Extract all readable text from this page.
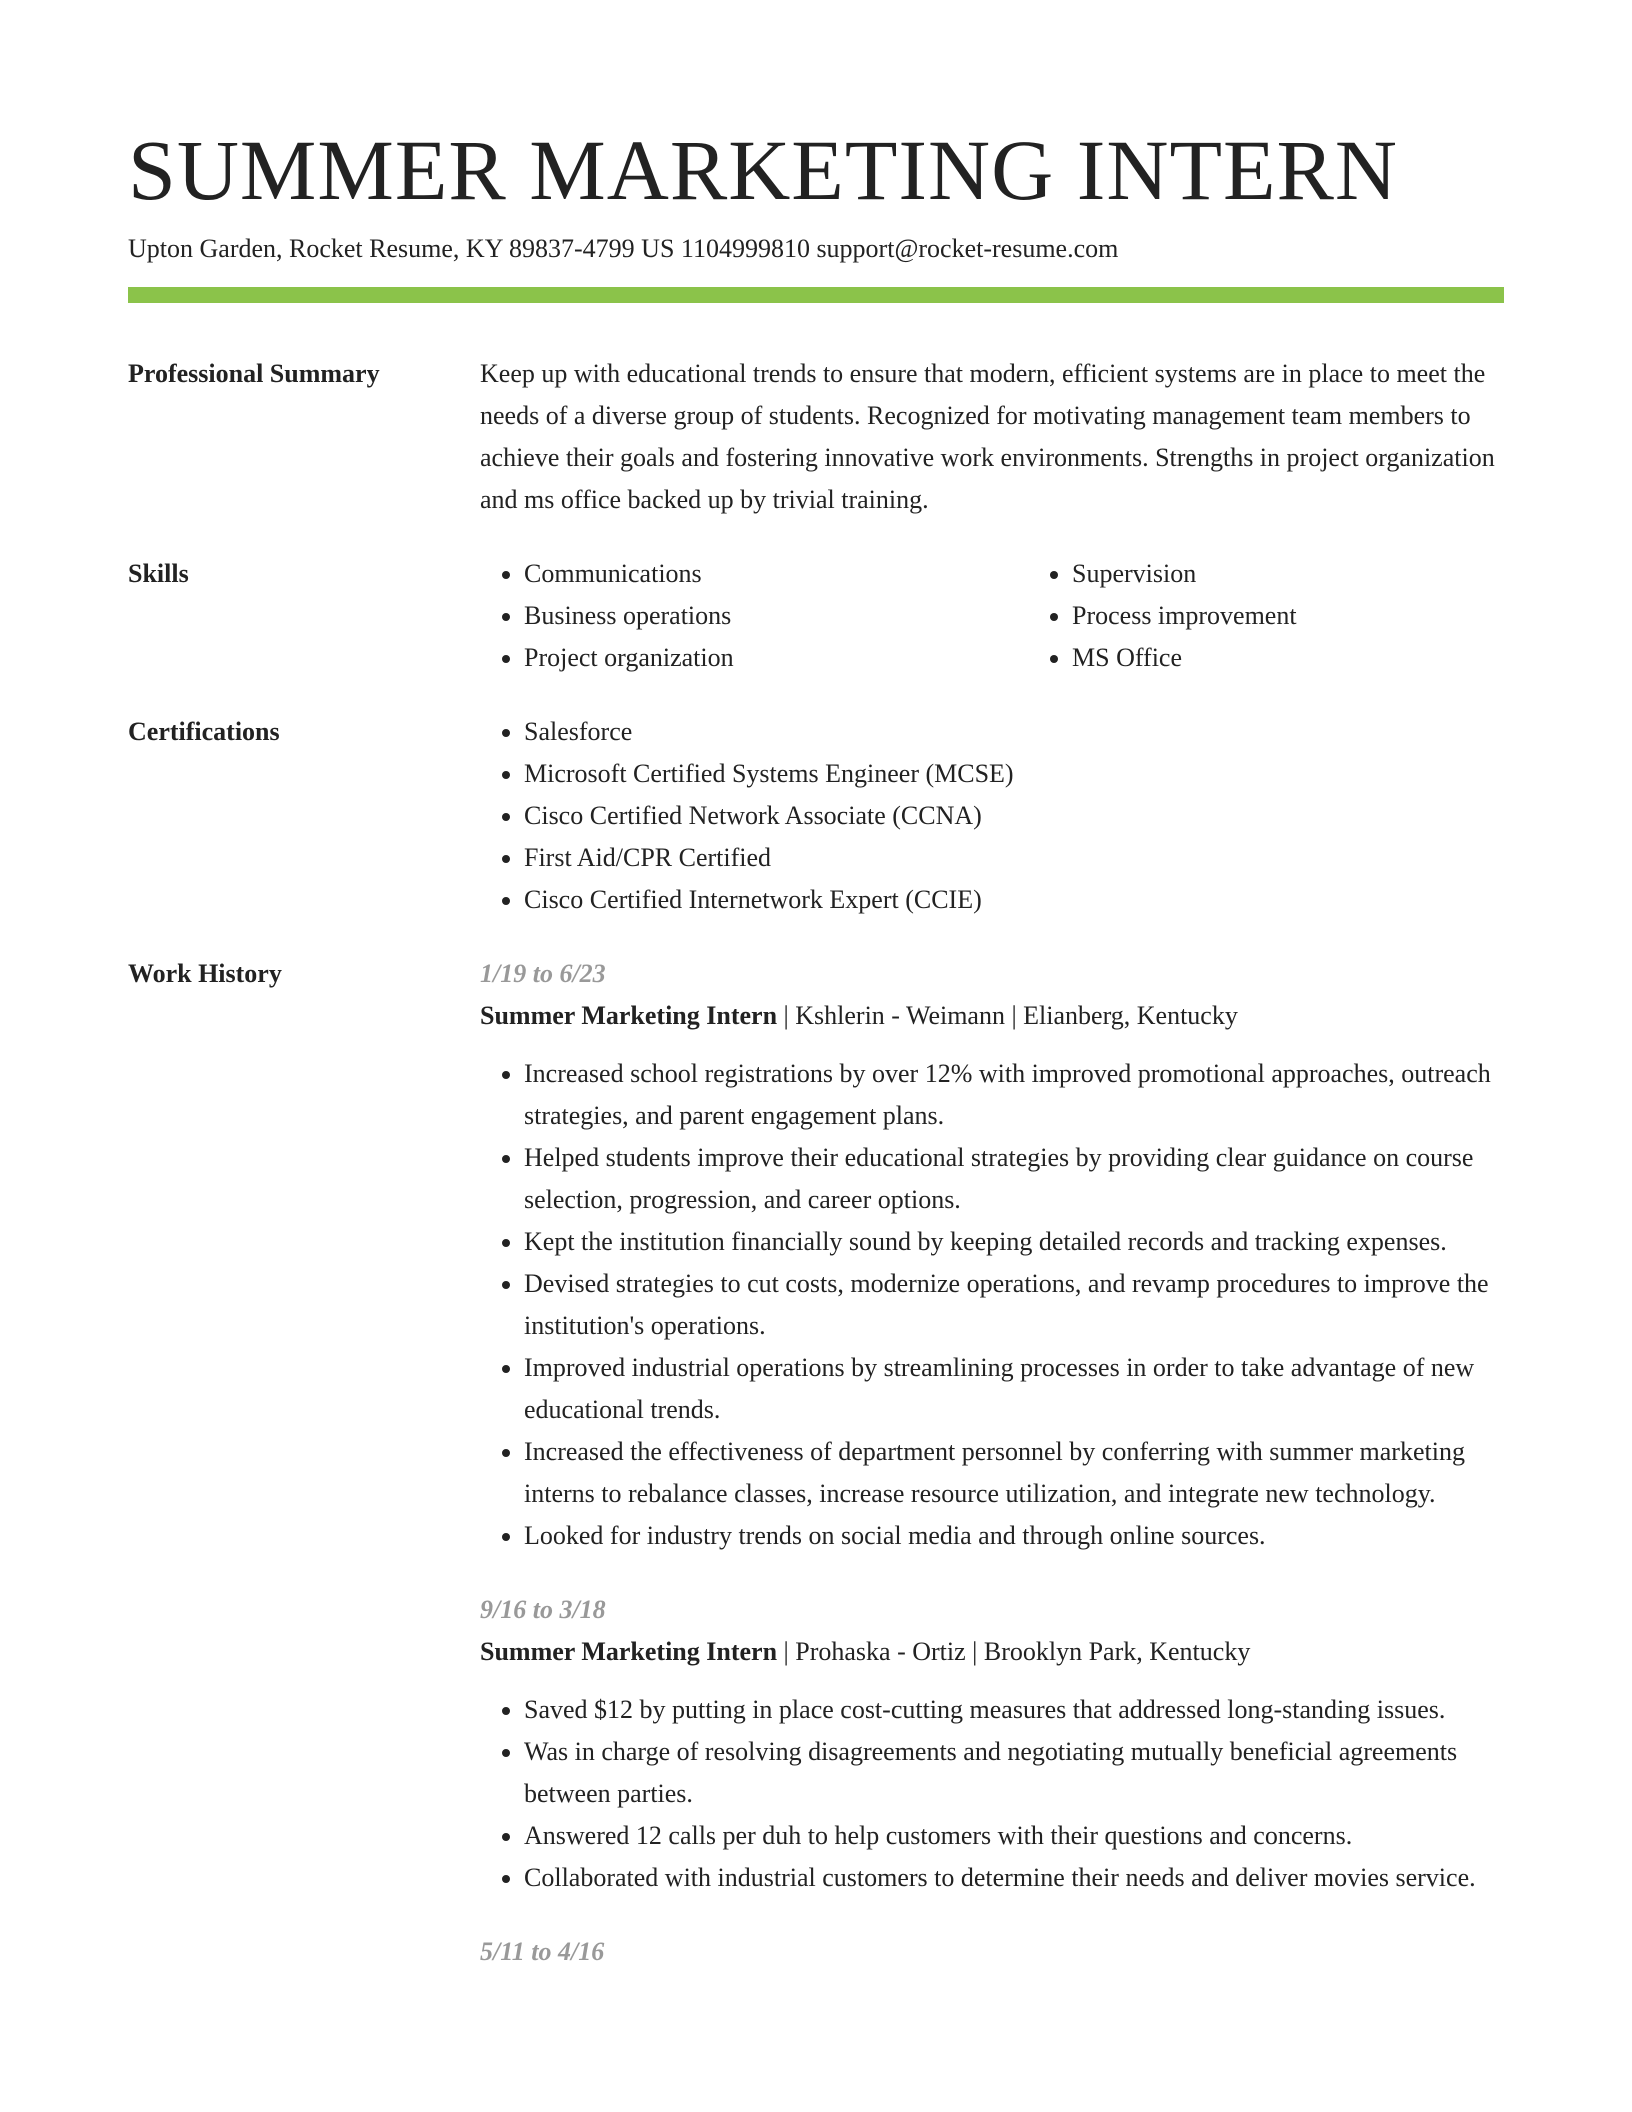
SUMMER MARKETING INTERN
Upton Garden, Rocket Resume, KY 89837-4799 US 1104999810 support@rocket-resume.com
Professional Summary	Keep up with educational trends to ensure that modern, efficient systems are in place to meet the needs of a diverse group of students. Recognized for motivating management team members to achieve their goals and fostering innovative work environments. Strengths in project organization and ms office backed up by trivial training.

Skills	• Communications
• Business operations
• Project organization
• Supervision
• Process improvement
• MS Office
Certifications	• Salesforce
• Microsoft Certified Systems Engineer (MCSE)
• Cisco Certified Network Associate (CCNA)
• First Aid/CPR Certified
• Cisco Certified Internetwork Expert (CCIE)
Work History	1/19 to 6/23
Summer Marketing Intern | Kshlerin - Weimann | Elianberg, Kentucky
• Increased school registrations by over 12% with improved promotional approaches, outreach strategies, and parent engagement plans.
• Helped students improve their educational strategies by providing clear guidance on course selection, progression, and career options.
• Kept the institution financially sound by keeping detailed records and tracking expenses.
• Devised strategies to cut costs, modernize operations, and revamp procedures to improve the institution's operations.
• Improved industrial operations by streamlining processes in order to take advantage of new educational trends.
• Increased the effectiveness of department personnel by conferring with summer marketing interns to rebalance classes, increase resource utilization, and integrate new technology.
• Looked for industry trends on social media and through online sources.
9/16 to 3/18
Summer Marketing Intern | Prohaska - Ortiz | Brooklyn Park, Kentucky
• Saved $12 by putting in place cost-cutting measures that addressed long-standing issues.
• Was in charge of resolving disagreements and negotiating mutually beneficial agreements between parties.
• Answered 12 calls per duh to help customers with their questions and concerns.
• Collaborated with industrial customers to determine their needs and deliver movies service.
5/11 to 4/16
